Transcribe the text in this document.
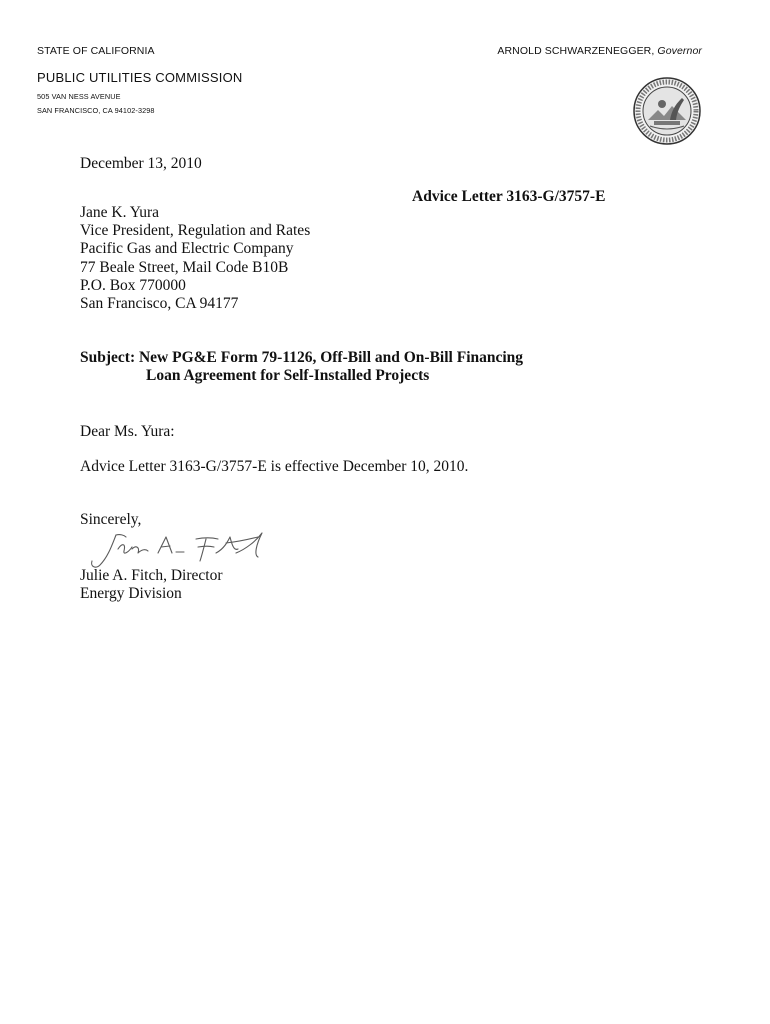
STATE OF CALIFORNIA	ARNOLD SCHWARZENEGGER, Governor
PUBLIC UTILITIES COMMISSION
505 VAN NESS AVENUE
SAN FRANCISCO, CA 94102-3298
December 13, 2010
Advice Letter 3163-G/3757-E
Jane K. Yura
Vice President, Regulation and Rates
Pacific Gas and Electric Company
77 Beale Street, Mail Code B10B
P.O. Box 770000
San Francisco, CA 94177
Subject: New PG&E Form 79-1126, Off-Bill and On-Bill Financing
Loan Agreement for Self-Installed Projects
Dear Ms. Yura:
Advice Letter 3163-G/3757-E is effective December 10, 2010.
Sincerely,
Julie A. Fitch, Director
Energy Division
